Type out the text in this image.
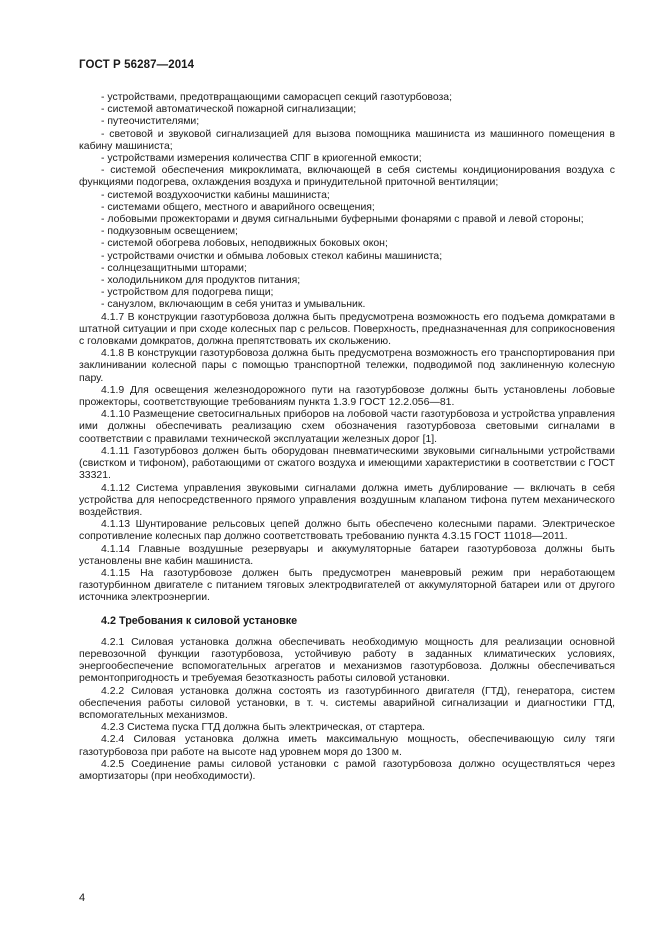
ГОСТ Р 56287—2014

- устройствами, предотвращающими саморасцеп секций газотурбовоза;

- системой автоматической пожарной сигнализации;

- путеочистителями;

- световой и звуковой сигнализацией для вызова помощника машиниста из машинного помещения в кабину машиниста;

- устройствами измерения количества СПГ в криогенной емкости;

- системой обеспечения микроклимата, включающей в себя системы кондиционирования воздуха с функциями подогрева, охлаждения воздуха и принудительной приточной вентиляции;

- системой воздухоочистки кабины машиниста;

- системами общего, местного и аварийного освещения;

- лобовыми прожекторами и двумя сигнальными буферными фонарями с правой и левой стороны;

- подкузовным освещением;

- системой обогрева лобовых, неподвижных боковых окон;

- устройствами очистки и обмыва лобовых стекол кабины машиниста;

- солнцезащитными шторами;

- холодильником для продуктов питания;

- устройством для подогрева пищи;

- санузлом, включающим в себя унитаз и умывальник.

4.1.7 В конструкции газотурбовоза должна быть предусмотрена возможность его подъема домкратами в штатной ситуации и при сходе колесных пар с рельсов. Поверхность, предназначенная для соприкосновения с головками домкратов, должна препятствовать их скольжению.

4.1.8 В конструкции газотурбовоза должна быть предусмотрена возможность его транспортирования при заклинивании колесной пары с помощью транспортной тележки, подводимой под заклиненную колесную пару.

4.1.9 Для освещения железнодорожного пути на газотурбовозе должны быть установлены лобовые прожекторы, соответствующие требованиям пункта 1.3.9 ГОСТ 12.2.056—81.

4.1.10 Размещение светосигнальных приборов на лобовой части газотурбовоза и устройства управления ими должны обеспечивать реализацию схем обозначения газотурбовоза световыми сигналами в соответствии с правилами технической эксплуатации железных дорог [1].

4.1.11 Газотурбовоз должен быть оборудован пневматическими звуковыми сигнальными устройствами (свистком и тифоном), работающими от сжатого воздуха и имеющими характеристики в соответствии с ГОСТ 33321.

4.1.12 Система управления звуковыми сигналами должна иметь дублирование — включать в себя устройства для непосредственного прямого управления воздушным клапаном тифона путем механического воздействия.

4.1.13 Шунтирование рельсовых цепей должно быть обеспечено колесными парами. Электрическое сопротивление колесных пар должно соответствовать требованию пункта 4.3.15 ГОСТ 11018—2011.

4.1.14 Главные воздушные резервуары и аккумуляторные батареи газотурбовоза должны быть установлены вне кабин машиниста.

4.1.15 На газотурбовозе должен быть предусмотрен маневровый режим при неработающем газотурбинном двигателе с питанием тяговых электродвигателей от аккумуляторной батареи или от другого источника электроэнергии.

4.2 Требования к силовой установке

4.2.1 Силовая установка должна обеспечивать необходимую мощность для реализации основной перевозочной функции газотурбовоза, устойчивую работу в заданных климатических условиях, энергообеспечение вспомогательных агрегатов и механизмов газотурбовоза. Должны обеспечиваться ремонтопригодность и требуемая безотказность работы силовой установки.

4.2.2 Силовая установка должна состоять из газотурбинного двигателя (ГТД), генератора, систем обеспечения работы силовой установки, в т. ч. системы аварийной сигнализации и диагностики ГТД, вспомогательных механизмов.

4.2.3 Система пуска ГТД должна быть электрическая, от стартера.

4.2.4 Силовая установка должна иметь максимальную мощность, обеспечивающую силу тяги газотурбовоза при работе на высоте над уровнем моря до 1300 м.

4.2.5 Соединение рамы силовой установки с рамой газотурбовоза должно осуществляться через амортизаторы (при необходимости).

4
